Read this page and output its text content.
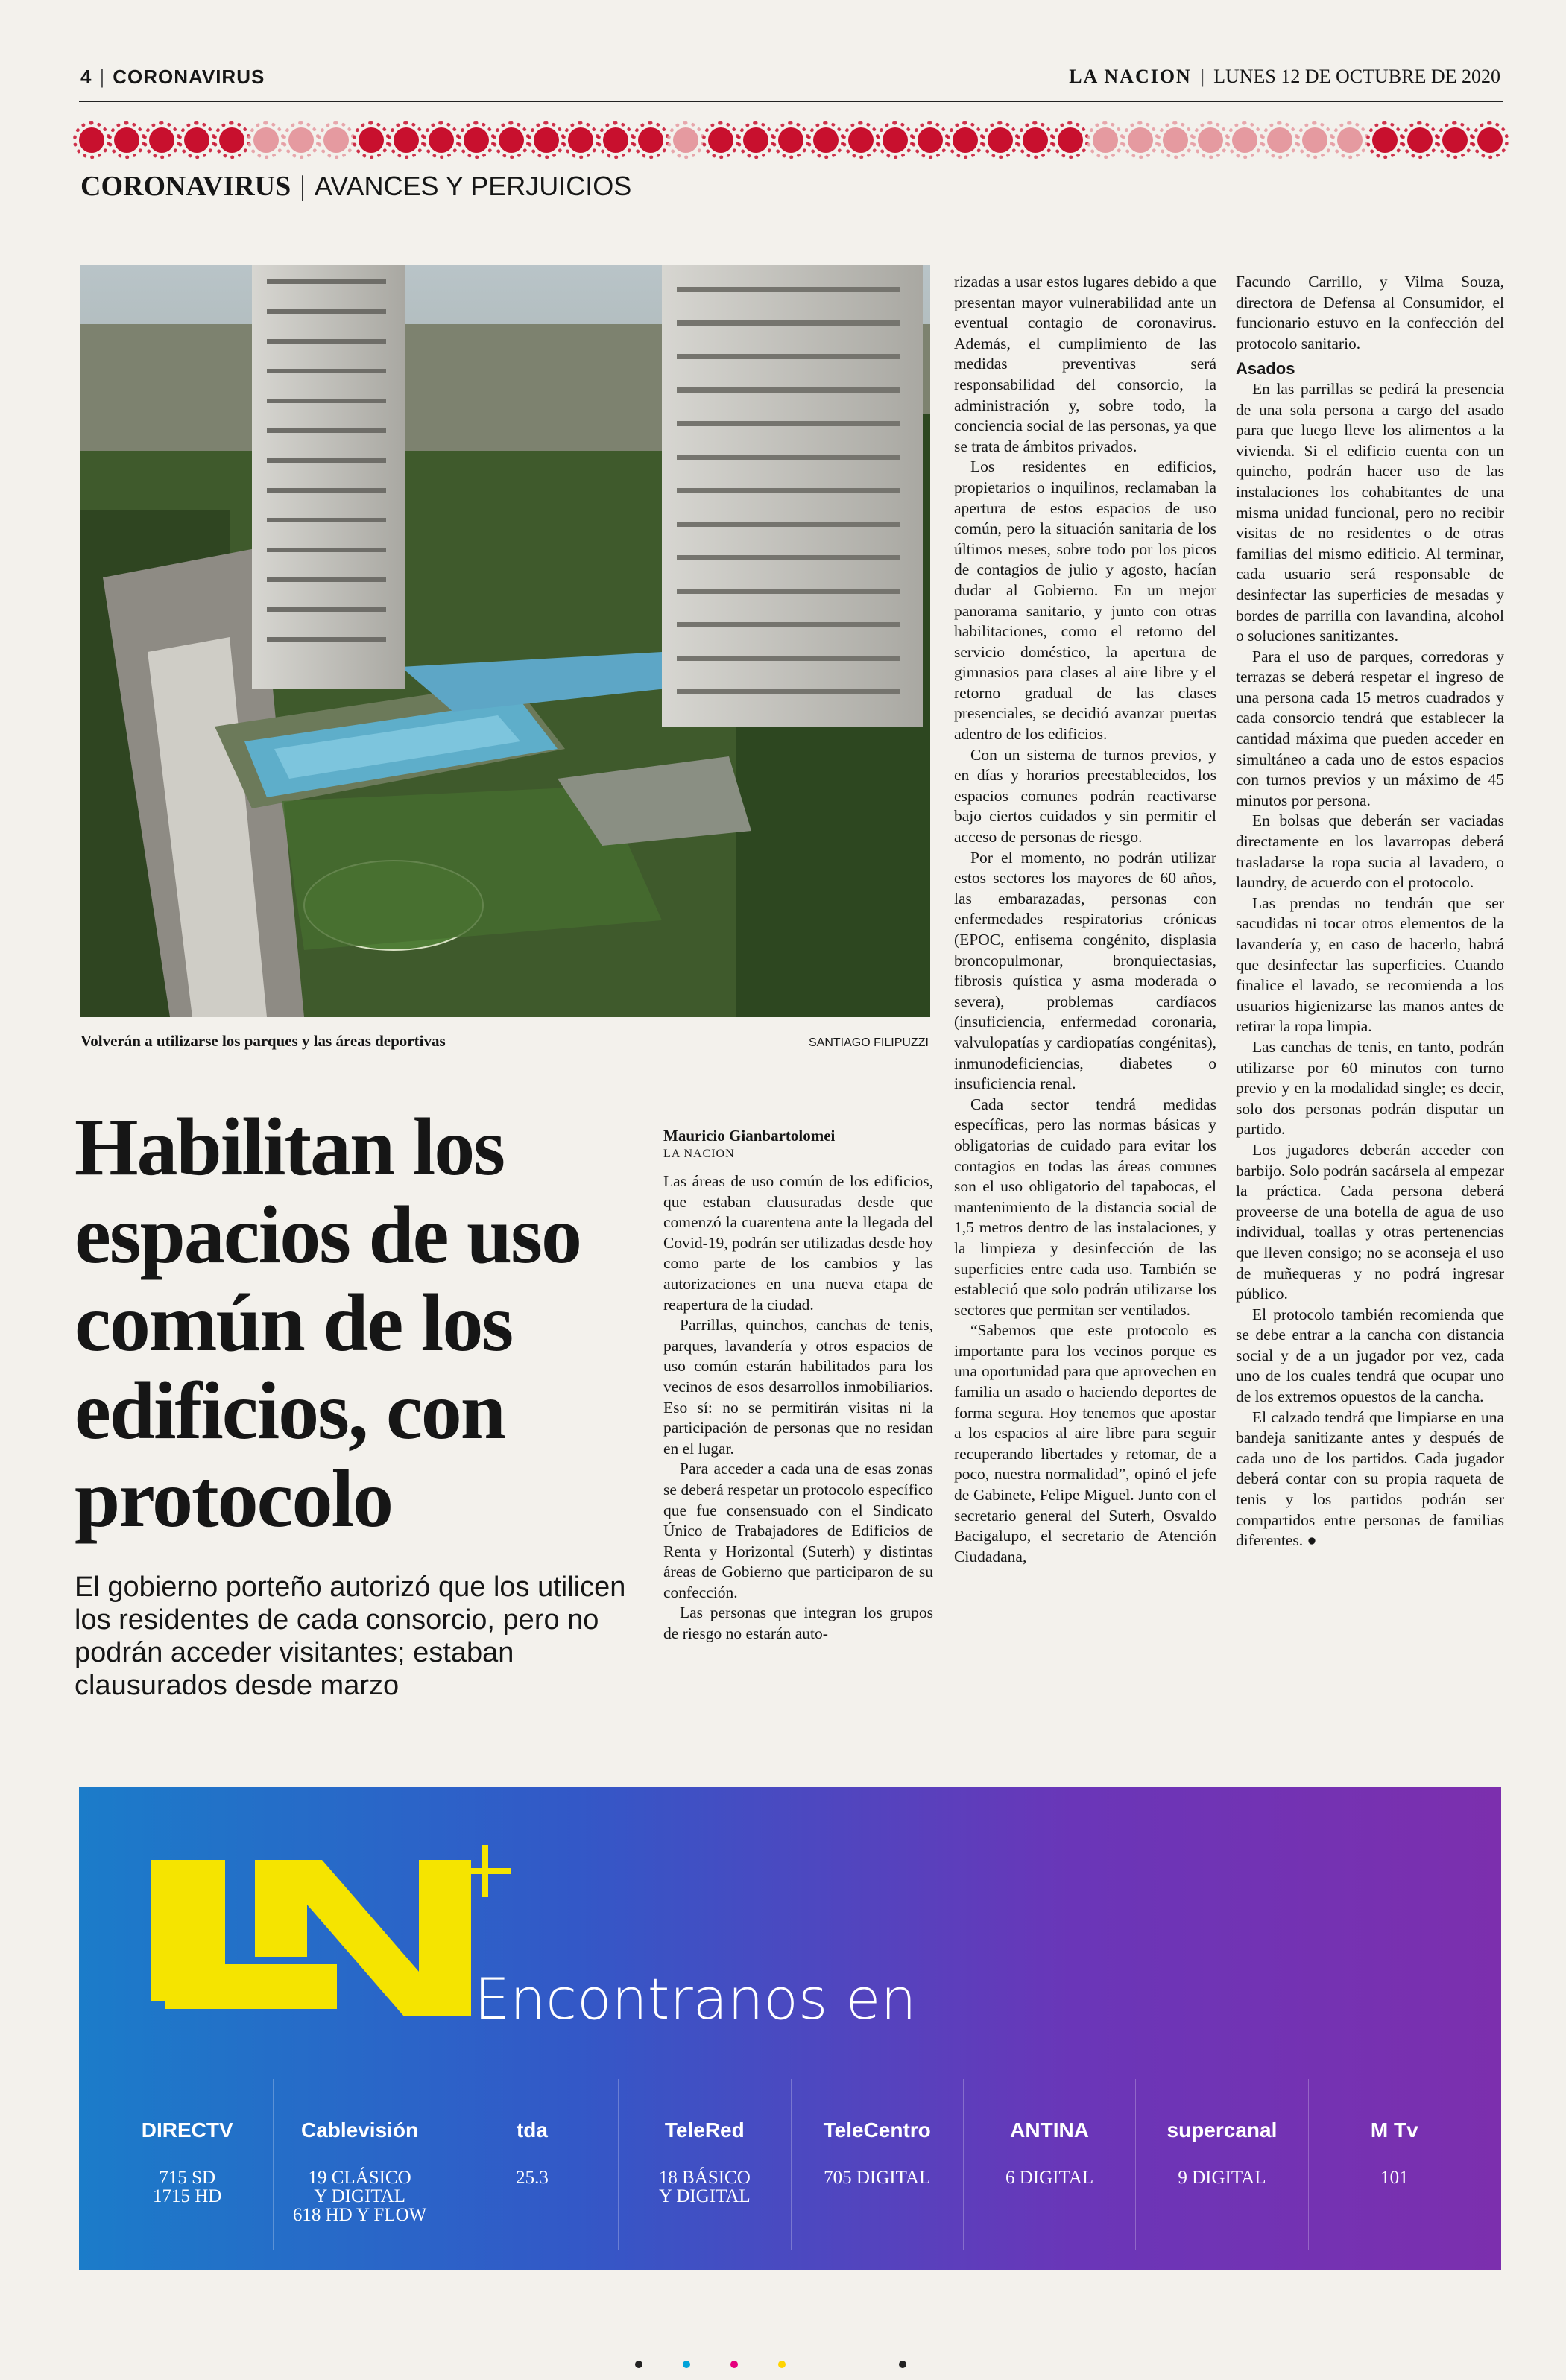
4 | CORONAVIRUS	LA NACION | LUNES 12 DE OCTUBRE DE 2020
CORONAVIRUS | AVANCES Y PERJUICIOS
Volverán a utilizarse los parques y las áreas deportivas	SANTIAGO FILIPUZZI
Habilitan los espacios de uso común de los edificios, con protocolo
El gobierno porteño autorizó que los utilicen los residentes de cada consorcio, pero no podrán acceder visitantes; estaban clausurados desde marzo
Mauricio Gianbartolomei
LA NACION

Las áreas de uso común de los edificios, que estaban clausuradas desde que comenzó la cuarentena ante la llegada del Covid-19, podrán ser utilizadas desde hoy como parte de los cambios y las autorizaciones en una nueva etapa de reapertura de la ciudad.

Parrillas, quinchos, canchas de tenis, parques, lavandería y otros espacios de uso común estarán habilitados para los vecinos de esos desarrollos inmobiliarios. Eso sí: no se permitirán visitas ni la participación de personas que no residan en el lugar.

Para acceder a cada una de esas zonas se deberá respetar un protocolo específico que fue consensuado con el Sindicato Único de Trabajadores de Edificios de Renta y Horizontal (Suterh) y distintas áreas de Gobierno que participaron de su confección.

Las personas que integran los grupos de riesgo no estarán auto-

rizadas a usar estos lugares debido a que presentan mayor vulnerabilidad ante un eventual contagio de coronavirus. Además, el cumplimiento de las medidas preventivas será responsabilidad del consorcio, la administración y, sobre todo, la conciencia social de las personas, ya que se trata de ámbitos privados.

Los residentes en edificios, propietarios o inquilinos, reclamaban la apertura de estos espacios de uso común, pero la situación sanitaria de los últimos meses, sobre todo por los picos de contagios de julio y agosto, hacían dudar al Gobierno. En un mejor panorama sanitario, y junto con otras habilitaciones, como el retorno del servicio doméstico, la apertura de gimnasios para clases al aire libre y el retorno gradual de las clases presenciales, se decidió avanzar puertas adentro de los edificios.

Con un sistema de turnos previos, y en días y horarios preestablecidos, los espacios comunes podrán reactivarse bajo ciertos cuidados y sin permitir el acceso de personas de riesgo.

Por el momento, no podrán utilizar estos sectores los mayores de 60 años, las embarazadas, personas con enfermedades respiratorias crónicas (EPOC, enfisema congénito, displasia broncopulmonar, bronquiectasias, fibrosis quística y asma moderada o severa), problemas cardíacos (insuficiencia, enfermedad coronaria, valvulopatías y cardiopatías congénitas), inmunodeficiencias, diabetes o insuficiencia renal.

Cada sector tendrá medidas específicas, pero las normas básicas y obligatorias de cuidado para evitar los contagios en todas las áreas comunes son el uso obligatorio del tapabocas, el mantenimiento de la distancia social de 1,5 metros dentro de las instalaciones, y la limpieza y desinfección de las superficies entre cada uso. También se estableció que solo podrán utilizarse los sectores que permitan ser ventilados.

“Sabemos que este protocolo es importante para los vecinos porque es una oportunidad para que aprovechen en familia un asado o haciendo deportes de forma segura. Hoy tenemos que apostar a los espacios al aire libre para seguir recuperando libertades y retomar, de a poco, nuestra normalidad”, opinó el jefe de Gabinete, Felipe Miguel. Junto con el secretario general del Suterh, Osvaldo Bacigalupo, el secretario de Atención Ciudadana,

Facundo Carrillo, y Vilma Souza, directora de Defensa al Consumidor, el funcionario estuvo en la confección del protocolo sanitario.

Asados

En las parrillas se pedirá la presencia de una sola persona a cargo del asado para que luego lleve los alimentos a la vivienda. Si el edificio cuenta con un quincho, podrán hacer uso de las instalaciones los cohabitantes de una misma unidad funcional, pero no recibir visitas de no residentes o de otras familias del mismo edificio. Al terminar, cada usuario será responsable de desinfectar las superficies de mesadas y bordes de parrilla con lavandina, alcohol o soluciones sanitizantes.

Para el uso de parques, corredoras y terrazas se deberá respetar el ingreso de una persona cada 15 metros cuadrados y cada consorcio tendrá que establecer la cantidad máxima que pueden acceder en simultáneo a cada uno de estos espacios con turnos previos y un máximo de 45 minutos por persona.

En bolsas que deberán ser vaciadas directamente en los lavarropas deberá trasladarse la ropa sucia al lavadero, o laundry, de acuerdo con el protocolo.

Las prendas no tendrán que ser sacudidas ni tocar otros elementos de la lavandería y, en caso de hacerlo, habrá que desinfectar las superficies. Cuando finalice el lavado, se recomienda a los usuarios higienizarse las manos antes de retirar la ropa limpia.

Las canchas de tenis, en tanto, podrán utilizarse por 60 minutos con turno previo y en la modalidad single; es decir, solo dos personas podrán disputar un partido.

Los jugadores deberán acceder con barbijo. Solo podrán sacársela al empezar la práctica. Cada persona deberá proveerse de una botella de agua de uso individual, toallas y otras pertenencias que lleven consigo; no se aconseja el uso de muñequeras y no podrá ingresar público.

El protocolo también recomienda que se debe entrar a la cancha con distancia social y de a un jugador por vez, cada uno de los cuales tendrá que ocupar uno de los extremos opuestos de la cancha.

El calzado tendrá que limpiarse en una bandeja sanitizante antes y después de cada uno de los partidos. Cada jugador deberá contar con su propia raqueta de tenis y los partidos podrán ser compartidos entre personas de familias diferentes. ●

Encontranos en
DIRECTV
715 SD
1715 HD
Cablevisión
19 CLÁSICO
Y DIGITAL
618 HD Y FLOW
tda
25.3
TeleRed
18 BÁSICO
Y DIGITAL
TeleCentro
705 DIGITAL
ANTINA
6 DIGITAL
supercanal
9 DIGITAL
M Tv
101
